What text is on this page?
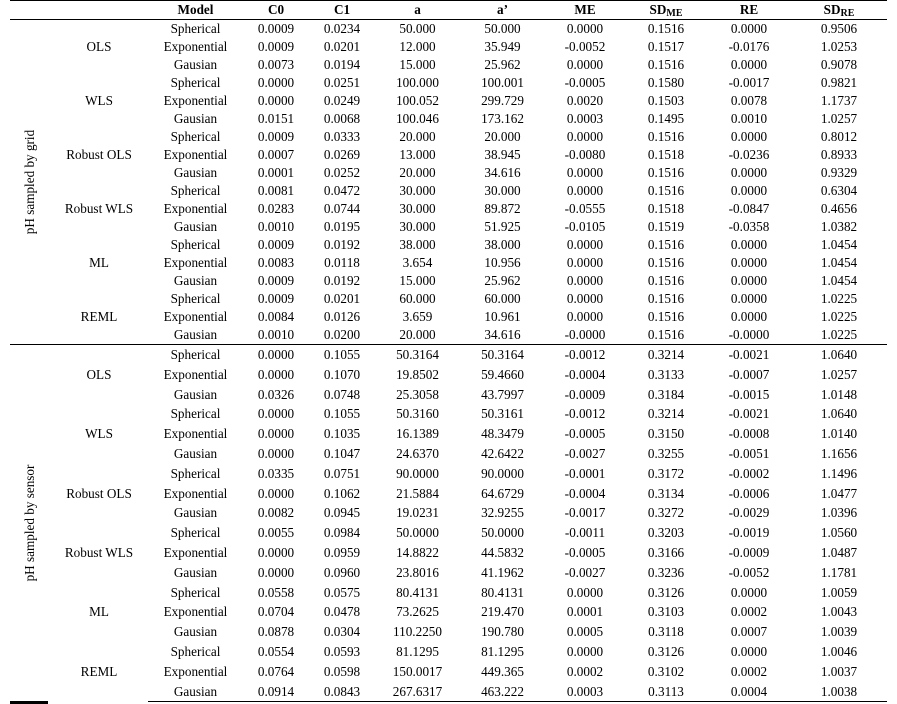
		Model	C0	C1	a	a’	ME	$SD_{ME}$	RE	$SD_{RE}$

pH sampled by grid	OLS	Spherical	0.0009	0.0234	50.000	50.000	0.0000	0.1516	0.0000	0.9506
		Exponential	0.0009	0.0201	12.000	35.949	-0.0052	0.1517	-0.0176	1.0253
		Gausian	0.0073	0.0194	15.000	25.962	0.0000	0.1516	0.0000	0.9078
	WLS	Spherical	0.0000	0.0251	100.000	100.001	-0.0005	0.1580	-0.0017	0.9821
		Exponential	0.0000	0.0249	100.052	299.729	0.0020	0.1503	0.0078	1.1737
		Gausian	0.0151	0.0068	100.046	173.162	0.0003	0.1495	0.0010	1.0257
	Robust OLS	Spherical	0.0009	0.0333	20.000	20.000	0.0000	0.1516	0.0000	0.8012
		Exponential	0.0007	0.0269	13.000	38.945	-0.0080	0.1518	-0.0236	0.8933
		Gausian	0.0001	0.0252	20.000	34.616	0.0000	0.1516	0.0000	0.9329
	Robust WLS	Spherical	0.0081	0.0472	30.000	30.000	0.0000	0.1516	0.0000	0.6304
		Exponential	0.0283	0.0744	30.000	89.872	-0.0555	0.1518	-0.0847	0.4656
		Gausian	0.0010	0.0195	30.000	51.925	-0.0105	0.1519	-0.0358	1.0382
	ML	Spherical	0.0009	0.0192	38.000	38.000	0.0000	0.1516	0.0000	1.0454
		Exponential	0.0083	0.0118	3.654	10.956	0.0000	0.1516	0.0000	1.0454
		Gausian	0.0009	0.0192	15.000	25.962	0.0000	0.1516	0.0000	1.0454
	REML	Spherical	0.0009	0.0201	60.000	60.000	0.0000	0.1516	0.0000	1.0225
		Exponential	0.0084	0.0126	3.659	10.961	0.0000	0.1516	0.0000	1.0225
		Gausian	0.0010	0.0200	20.000	34.616	-0.0000	0.1516	-0.0000	1.0225

pH sampled by sensor	OLS	Spherical	0.0000	0.1055	50.3164	50.3164	-0.0012	0.3214	-0.0021	1.0640
		Exponential	0.0000	0.1070	19.8502	59.4660	-0.0004	0.3133	-0.0007	1.0257
		Gausian	0.0326	0.0748	25.3058	43.7997	-0.0009	0.3184	-0.0015	1.0148
	WLS	Spherical	0.0000	0.1055	50.3160	50.3161	-0.0012	0.3214	-0.0021	1.0640
		Exponential	0.0000	0.1035	16.1389	48.3479	-0.0005	0.3150	-0.0008	1.0140
		Gausian	0.0000	0.1047	24.6370	42.6422	-0.0027	0.3255	-0.0051	1.1656
	Robust OLS	Spherical	0.0335	0.0751	90.0000	90.0000	-0.0001	0.3172	-0.0002	1.1496
		Exponential	0.0000	0.1062	21.5884	64.6729	-0.0004	0.3134	-0.0006	1.0477
		Gausian	0.0082	0.0945	19.0231	32.9255	-0.0017	0.3272	-0.0029	1.0396
	Robust WLS	Spherical	0.0055	0.0984	50.0000	50.0000	-0.0011	0.3203	-0.0019	1.0560
		Exponential	0.0000	0.0959	14.8822	44.5832	-0.0005	0.3166	-0.0009	1.0487
		Gausian	0.0000	0.0960	23.8016	41.1962	-0.0027	0.3236	-0.0052	1.1781
	ML	Spherical	0.0558	0.0575	80.4131	80.4131	0.0000	0.3126	0.0000	1.0059
		Exponential	0.0704	0.0478	73.2625	219.470	0.0001	0.3103	0.0002	1.0043
		Gausian	0.0878	0.0304	110.2250	190.780	0.0005	0.3118	0.0007	1.0039
	REML	Spherical	0.0554	0.0593	81.1295	81.1295	0.0000	0.3126	0.0000	1.0046
		Exponential	0.0764	0.0598	150.0017	449.365	0.0002	0.3102	0.0002	1.0037
		Gausian	0.0914	0.0843	267.6317	463.222	0.0003	0.3113	0.0004	1.0038
